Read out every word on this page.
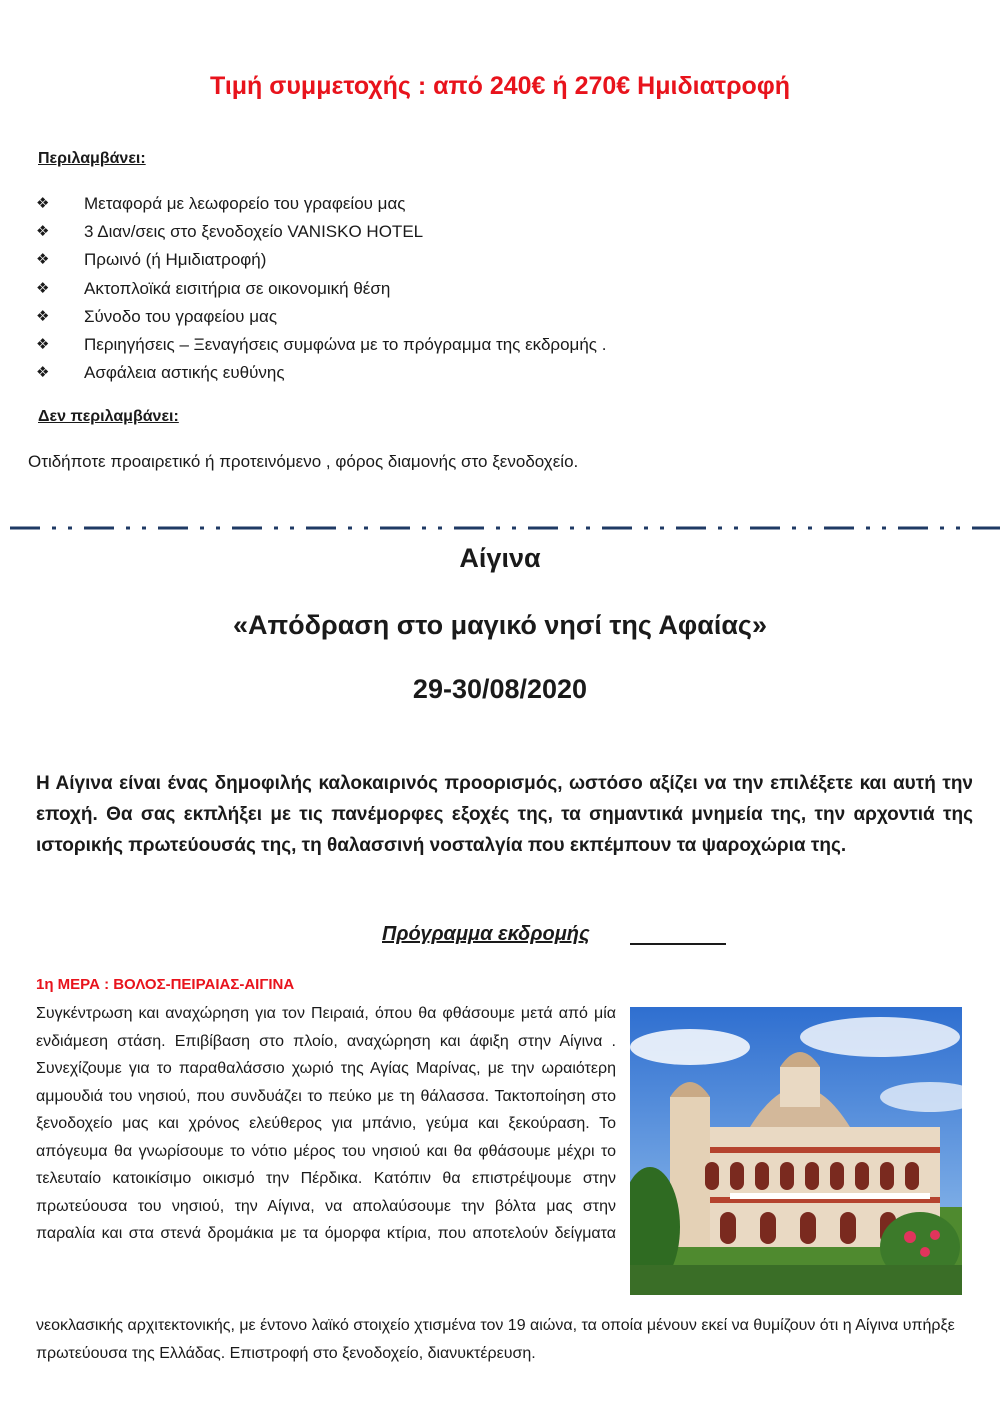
Τιμή συμμετοχής : από 240€ ή 270€ Ημιδιατροφή
Περιλαμβάνει:
❖	Μεταφορά με λεωφορείο του γραφείου μας
❖	3 Διαν/σεις στο ξενοδοχείο VANISKO HOTEL
❖	Πρωινό (ή Ημιδιατροφή)
❖	Ακτοπλοϊκά εισιτήρια σε οικονομική θέση
❖	Σύνοδο του γραφείου μας
❖	Περιηγήσεις – Ξεναγήσεις συμφώνα με το πρόγραμμα της εκδρομής .
❖	Ασφάλεια αστικής ευθύνης
Δεν περιλαμβάνει:
Οτιδήποτε προαιρετικό ή προτεινόμενο , φόρος διαμονής στο ξενοδοχείο.
Αίγινα
«Απόδραση στο μαγικό νησί της Αφαίας»
29-30/08/2020

Η Αίγινα είναι ένας δημοφιλής καλοκαιρινός προορισμός, ωστόσο αξίζει να την επιλέξετε και αυτή την εποχή. Θα σας εκπλήξει με τις πανέμορφες εξοχές της, τα σημαντικά μνημεία της, την αρχοντιά της ιστορικής πρωτεύουσάς της, τη θαλασσινή νοσταλγία που εκπέμπουν τα ψαροχώρια της.

Πρόγραμμα εκδρομής
1η ΜΕΡΑ : ΒΟΛΟΣ-ΠΕΙΡΑΙΑΣ-ΑΙΓΙΝΑ

Συγκέντρωση και αναχώρηση για τον Πειραιά, όπου θα φθάσουμε μετά από μία ενδιάμεση στάση. Επιβίβαση στο πλοίο, αναχώρηση και άφιξη στην Αίγινα . Συνεχίζουμε για το παραθαλάσσιο χωριό της Αγίας Μαρίνας, με την ωραιότερη αμμουδιά του νησιού, που συνδυάζει το πεύκο με τη θάλασσα. Τακτοποίηση στο ξενοδοχείο μας και χρόνος ελεύθερος για μπάνιο, γεύμα και ξεκούραση. Το απόγευμα θα γνωρίσουμε το νότιο μέρος του νησιού και θα φθάσουμε μέχρι το τελευταίο κατοικίσιμο οικισμό την Πέρδικα. Κατόπιν θα επιστρέψουμε στην πρωτεύουσα του νησιού, την Αίγινα, να απολαύσουμε την βόλτα μας στην παραλία και στα στενά δρομάκια με τα όμορφα κτίρια, που αποτελούν δείγματα

νεοκλασικής αρχιτεκτονικής, με έντονο λαϊκό στοιχείο χτισμένα τον 19 αιώνα, τα οποία μένουν εκεί να θυμίζουν ότι η Αίγινα υπήρξε πρωτεύουσα της Ελλάδας. Επιστροφή στο ξενοδοχείο, διανυκτέρευση.
